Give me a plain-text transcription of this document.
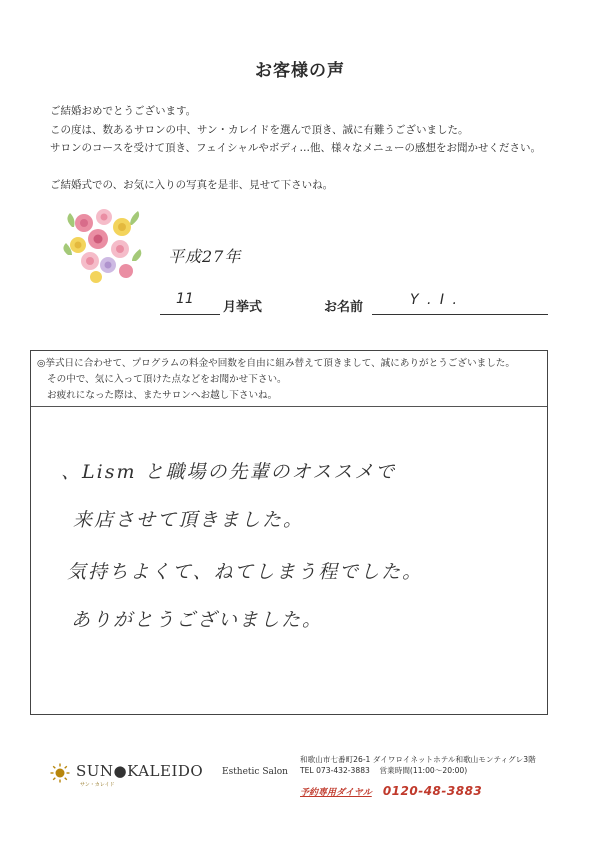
お客様の声

ご結婚おめでとうございます。

この度は、数あるサロンの中、サン・カレイドを選んで頂き、誠に有難うございました。

サロンのコースを受けて頂き、フェイシャルやボディ…他、様々なメニューの感想をお聞かせください。

ご結婚式での、お気に入りの写真を是非、見せて下さいね。

平成27年
11
月挙式	お名前	Y . I .

◎挙式日に合わせて、プログラムの料金や回数を自由に組み替えて頂きまして、誠にありがとうございました。

その中で、気に入って頂けた点などをお聞かせ下さい。

お疲れになった際は、またサロンへお越し下さいね。

、Lism と職場の先輩のオススメで
来店させて頂きました。
気持ちよくて、ねてしまう程でした。
ありがとうございました。
SUN●KALEIDO
サン・カレイド
Esthetic Salon

和歌山市七番町26-1 ダイワロイネットホテル和歌山モンティグレ3階

TEL 073-432-3883 営業時間(11:00～20:00)

予約専用ダイヤル 0120-48-3883
